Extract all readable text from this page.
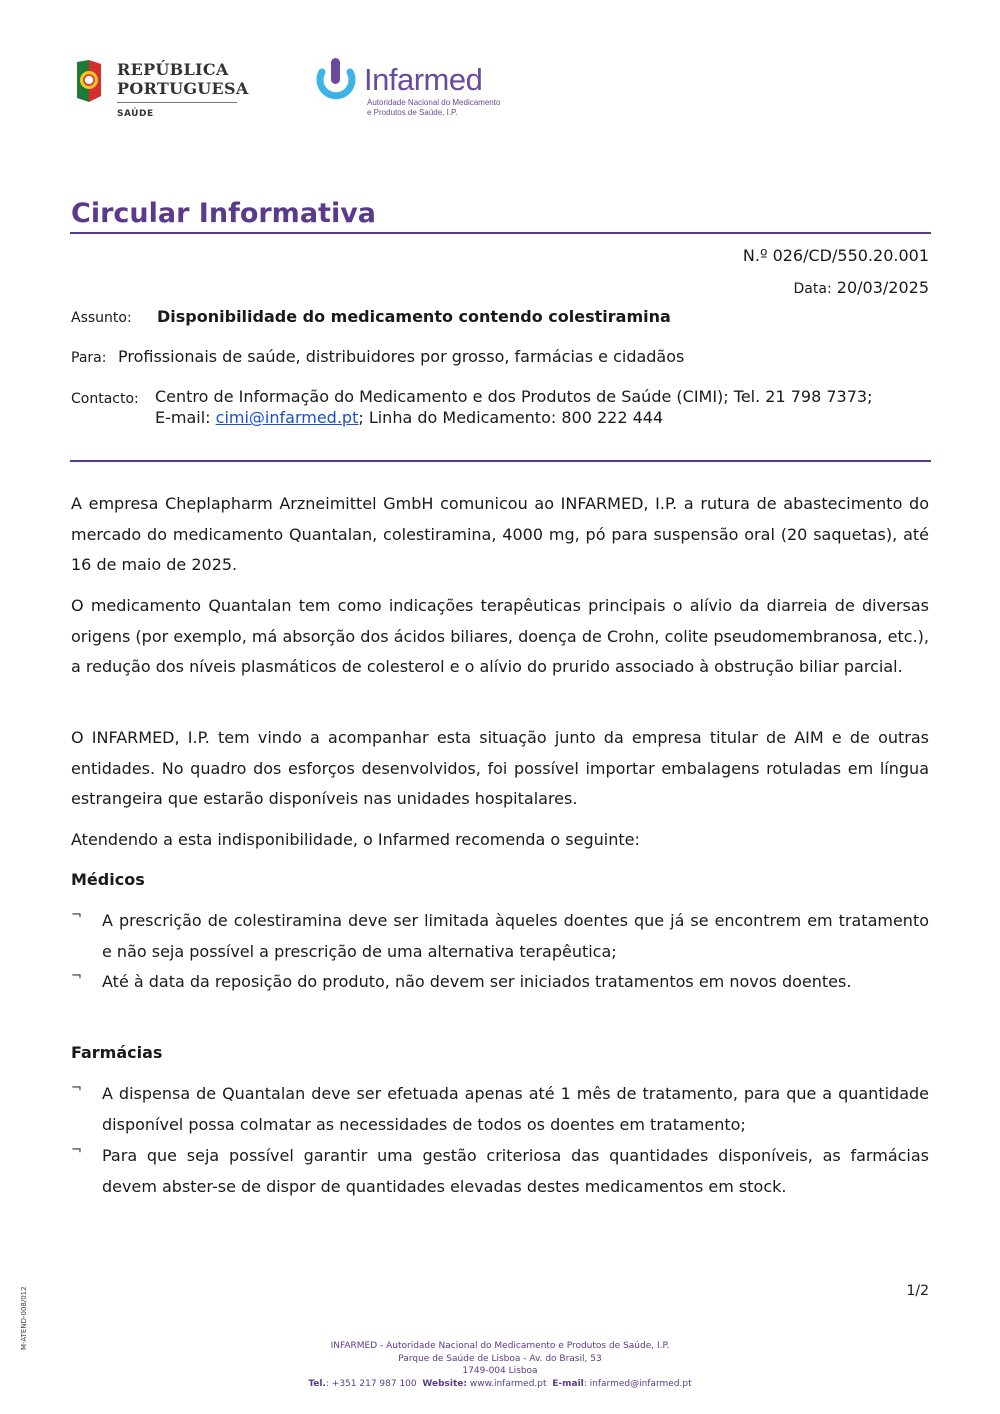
REPÚBLICA
PORTUGUESA
SAÚDE
Infarmed
Autoridade Nacional do Medicamento
e Produtos de Saúde, I.P.
Circular Informativa
N.º 026/CD/550.20.001
Data: 20/03/2025
Assunto: Disponibilidade do medicamento contendo colestiramina
Para: Profissionais de saúde, distribuidores por grosso, farmácias e cidadãos
Contacto: Centro de Informação do Medicamento e dos Produtos de Saúde (CIMI); Tel. 21 798 7373;
E-mail: cimi@infarmed.pt; Linha do Medicamento: 800 222 444
A empresa Cheplapharm Arzneimittel GmbH comunicou ao INFARMED, I.P. a rutura de abastecimento do mercado do medicamento Quantalan, colestiramina, 4000 mg, pó para suspensão oral (20 saquetas), até 16 de maio de 2025.
O medicamento Quantalan tem como indicações terapêuticas principais o alívio da diarreia de diversas origens (por exemplo, má absorção dos ácidos biliares, doença de Crohn, colite pseudomembranosa, etc.), a redução dos níveis plasmáticos de colesterol e o alívio do prurido associado à obstrução biliar parcial.
O INFARMED, I.P. tem vindo a acompanhar esta situação junto da empresa titular de AIM e de outras entidades. No quadro dos esforços desenvolvidos, foi possível importar embalagens rotuladas em língua estrangeira que estarão disponíveis nas unidades hospitalares.
Atendendo a esta indisponibilidade, o Infarmed recomenda o seguinte:
Médicos
¬ A prescrição de colestiramina deve ser limitada àqueles doentes que já se encontrem em tratamento e não seja possível a prescrição de uma alternativa terapêutica;
¬ Até à data da reposição do produto, não devem ser iniciados tratamentos em novos doentes.
Farmácias
¬ A dispensa de Quantalan deve ser efetuada apenas até 1 mês de tratamento, para que a quantidade disponível possa colmatar as necessidades de todos os doentes em tratamento;
¬ Para que seja possível garantir uma gestão criteriosa das quantidades disponíveis, as farmácias devem abster-se de dispor de quantidades elevadas destes medicamentos em stock.
1/2
M-ATEND-008/012	INFARMED - Autoridade Nacional do Medicamento e Produtos de Saúde, I.P.
Parque de Saúde de Lisboa - Av. do Brasil, 53
1749-004 Lisboa
Tel.: +351 217 987 100 Website: www.infarmed.pt E-mail: infarmed@infarmed.pt
